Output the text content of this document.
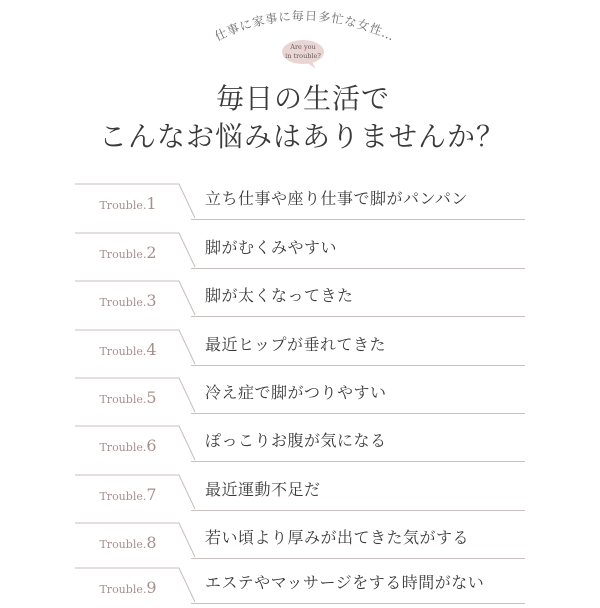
仕事に家事に毎日多忙な女性…
Are you
in trouble?
毎日の生活で
こんなお悩みはありませんか？
Trouble.1	立ち仕事や座り仕事で脚がパンパン
Trouble.2	脚がむくみやすい
Trouble.3	脚が太くなってきた
Trouble.4	最近ヒップが垂れてきた
Trouble.5	冷え症で脚がつりやすい
Trouble.6	ぽっこりお腹が気になる
Trouble.7	最近運動不足だ
Trouble.8	若い頃より厚みが出てきた気がする
Trouble.9	エステやマッサージをする時間がない
